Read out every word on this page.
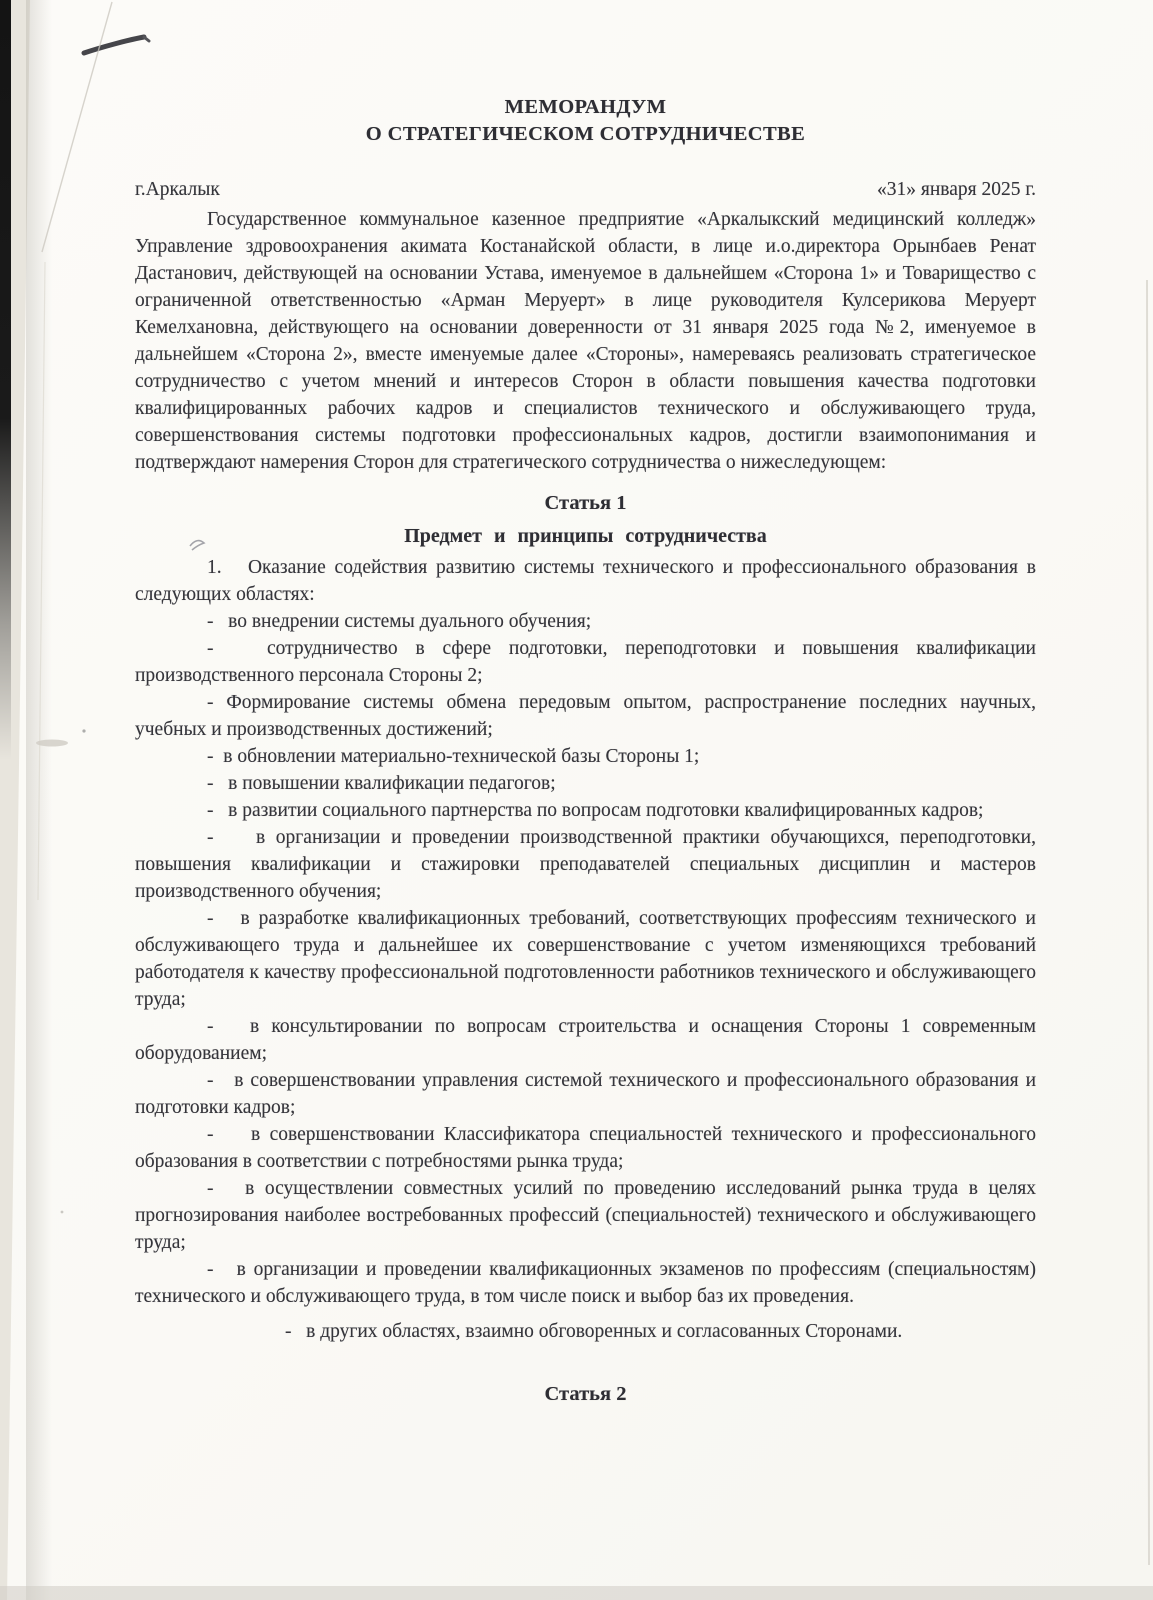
МЕМОРАНДУМ
О СТРАТЕГИЧЕСКОМ СОТРУДНИЧЕСТВЕ
г.Аркалык	«31» января 2025 г.

Государственное коммунальное казенное предприятие «Аркалыкский медицинский колледж» Управление здровоохранения акимата Костанайской области, в лице и.о.директора Орынбаев Ренат Дастанович, действующей на основании Устава, именуемое в дальнейшем «Сторона 1» и Товарищество с ограниченной ответственностью «Арман Меруерт» в лице руководителя Кулсерикова Меруерт Кемелхановна, действующего на основании доверенности от 31 января 2025 года №2, именуемое в дальнейшем «Сторона 2», вместе именуемые далее «Стороны», намереваясь реализовать стратегическое сотрудничество с учетом мнений и интересов Сторон в области повышения качества подготовки квалифицированных рабочих кадров и специалистов технического и обслуживающего труда, совершенствования системы подготовки профессиональных кадров, достигли взаимопонимания и подтверждают намерения Сторон для стратегического сотрудничества о нижеследующем:

Статья 1
Предмет и принципы сотрудничества

1.   Оказание содействия развитию системы технического и профессионального образования в следующих областях:

-   во внедрении системы дуального обучения;

-   сотрудничество в сфере подготовки, переподготовки и повышения квалификации производственного персонала Стороны 2;

- Формирование системы обмена передовым опытом, распространение последних научных, учебных и производственных достижений;

-  в обновлении материально-технической базы Стороны 1;

-   в повышении квалификации педагогов;

-   в развитии социального партнерства по вопросам подготовки квалифицированных кадров;

-    в организации и проведении производственной практики обучающихся, переподготовки, повышения квалификации и стажировки преподавателей специальных дисциплин и мастеров производственного обучения;

-   в разработке квалификационных требований, соответствующих профессиям технического и обслуживающего труда и дальнейшее их совершенствование с учетом изменяющихся требований работодателя к качеству профессиональной подготовленности работников технического и обслуживающего труда;

-   в консультировании по вопросам строительства и оснащения Стороны 1 современным оборудованием;

-   в совершенствовании управления системой технического и профессионального образования и подготовки кадров;

-    в совершенствовании Классификатора специальностей технического и профессионального образования в соответствии с потребностями рынка труда;

-   в осуществлении совместных усилий по проведению исследований рынка труда в целях прогнозирования наиболее востребованных профессий (специальностей) технического и обслуживающего труда;

-   в организации и проведении квалификационных экзаменов по профессиям (специальностям) технического и обслуживающего труда, в том числе поиск и выбор баз их проведения.

-   в других областях, взаимно обговоренных и согласованных Сторонами.

Статья 2
